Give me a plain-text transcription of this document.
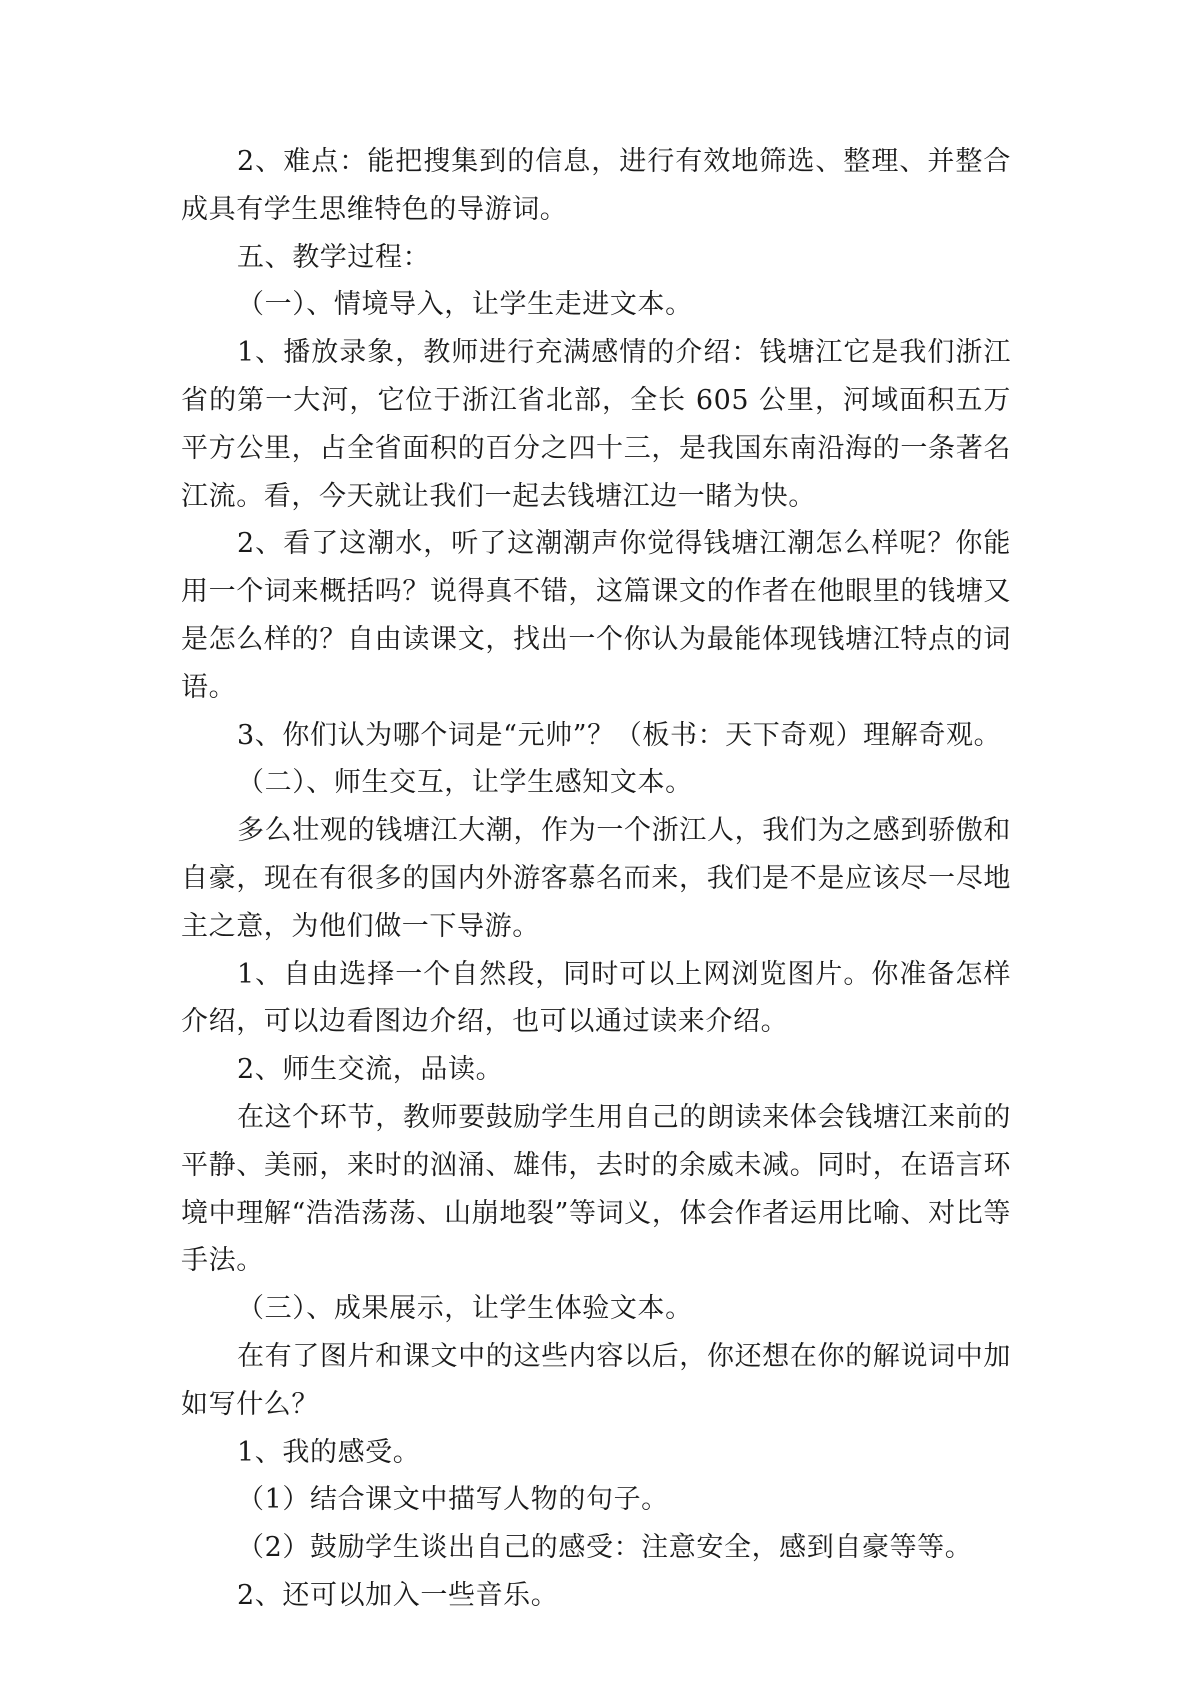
2、难点：能把搜集到的信息，进行有效地筛选、整理、并整合成具有学生思维特色的导游词。

五、教学过程：

（一）、情境导入，让学生走进文本。

1、播放录象，教师进行充满感情的介绍：钱塘江它是我们浙江省的第一大河，它位于浙江省北部，全长 605 公里，河域面积五万平方公里，占全省面积的百分之四十三，是我国东南沿海的一条著名江流。看，今天就让我们一起去钱塘江边一睹为快。

2、看了这潮水，听了这潮潮声你觉得钱塘江潮怎么样呢？你能用一个词来概括吗？说得真不错，这篇课文的作者在他眼里的钱塘又是怎么样的？自由读课文，找出一个你认为最能体现钱塘江特点的词语。

3、你们认为哪个词是“元帅”？（板书：天下奇观）理解奇观。

（二）、师生交互，让学生感知文本。

多么壮观的钱塘江大潮，作为一个浙江人，我们为之感到骄傲和自豪，现在有很多的国内外游客慕名而来，我们是不是应该尽一尽地主之意，为他们做一下导游。

1、自由选择一个自然段，同时可以上网浏览图片。你准备怎样介绍，可以边看图边介绍，也可以通过读来介绍。

2、师生交流，品读。

在这个环节，教师要鼓励学生用自己的朗读来体会钱塘江来前的平静、美丽，来时的汹涌、雄伟，去时的余威未减。同时，在语言环境中理解“浩浩荡荡、山崩地裂”等词义，体会作者运用比喻、对比等手法。

（三）、成果展示，让学生体验文本。

在有了图片和课文中的这些内容以后，你还想在你的解说词中加如写什么？

1、我的感受。

（1）结合课文中描写人物的句子。

（2）鼓励学生谈出自己的感受：注意安全，感到自豪等等。

2、还可以加入一些音乐。
